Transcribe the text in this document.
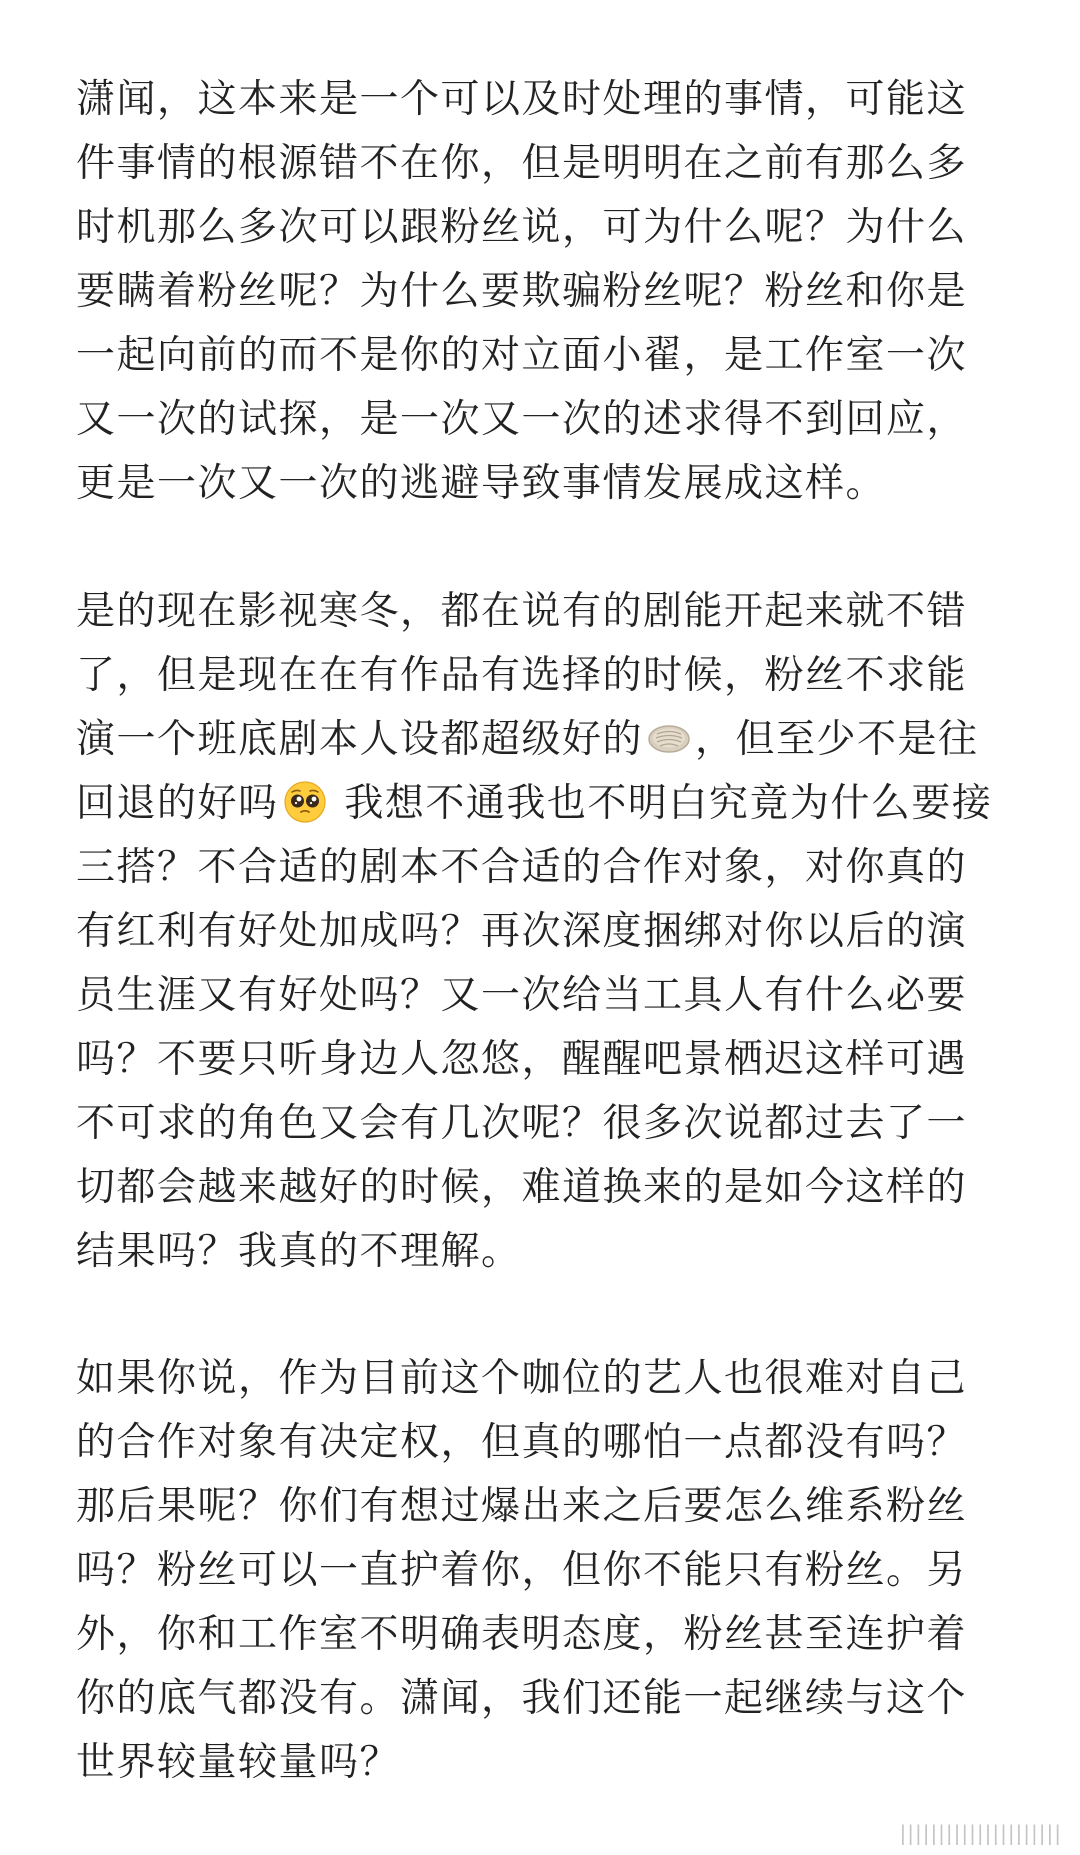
潇闻，这本来是一个可以及时处理的事情，可能这
件事情的根源错不在你，但是明明在之前有那么多
时机那么多次可以跟粉丝说，可为什么呢？为什么
要瞒着粉丝呢？为什么要欺骗粉丝呢？粉丝和你是
一起向前的而不是你的对立面小翟，是工作室一次
又一次的试探，是一次又一次的述求得不到回应，
更是一次又一次的逃避导致事情发展成这样。
是的现在影视寒冬，都在说有的剧能开起来就不错
了，但是现在在有作品有选择的时候，粉丝不求能
演一个班底剧本人设都超级好的 ，但至少不是往
回退的好吗 我想不通我也不明白究竟为什么要接
三搭？不合适的剧本不合适的合作对象，对你真的
有红利有好处加成吗？再次深度捆绑对你以后的演
员生涯又有好处吗？又一次给当工具人有什么必要
吗？不要只听身边人忽悠，醒醒吧景栖迟这样可遇
不可求的角色又会有几次呢？很多次说都过去了一
切都会越来越好的时候，难道换来的是如今这样的
结果吗？我真的不理解。
如果你说，作为目前这个咖位的艺人也很难对自己
的合作对象有决定权，但真的哪怕一点都没有吗？
那后果呢？你们有想过爆出来之后要怎么维系粉丝
吗？粉丝可以一直护着你，但你不能只有粉丝。另
外，你和工作室不明确表明态度，粉丝甚至连护着
你的底气都没有。潇闻，我们还能一起继续与这个
世界较量较量吗？
|||||||||||||||||||||
